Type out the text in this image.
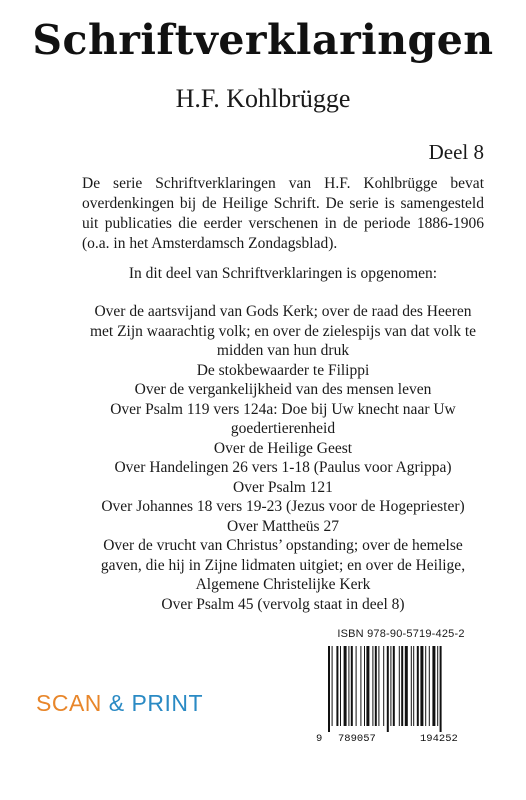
Schriftverklaringen
H.F. Kohlbrügge
Deel 8

De serie Schriftverklaringen van H.F. Kohlbrügge bevat overdenkingen bij de Heilige Schrift. De serie is samengesteld uit publicaties die eerder verschenen in de periode 1886-1906 (o.a. in het Amsterdamsch Zondagsblad).

In dit deel van Schriftverklaringen is opgenomen:
Over de aartsvijand van Gods Kerk; over de raad des Heeren met Zijn waarachtig volk; en over de zielespijs van dat volk te midden van hun druk
De stokbewaarder te Filippi
Over de vergankelijkheid van des mensen leven
Over Psalm 119 vers 124a: Doe bij Uw knecht naar Uw goedertierenheid
Over de Heilige Geest
Over Handelingen 26 vers 1-18 (Paulus voor Agrippa)
Over Psalm 121
Over Johannes 18 vers 19-23 (Jezus voor de Hogepriester)
Over Mattheüs 27
Over de vrucht van Christus’ opstanding; over de hemelse gaven, die hij in Zijne lidmaten uitgiet; en over de Heilige, Algemene Christelijke Kerk
Over Psalm 45 (vervolg staat in deel 8)
ISBN 978-90-5719-425-2
9 789057	194252
SCAN & PRINT
